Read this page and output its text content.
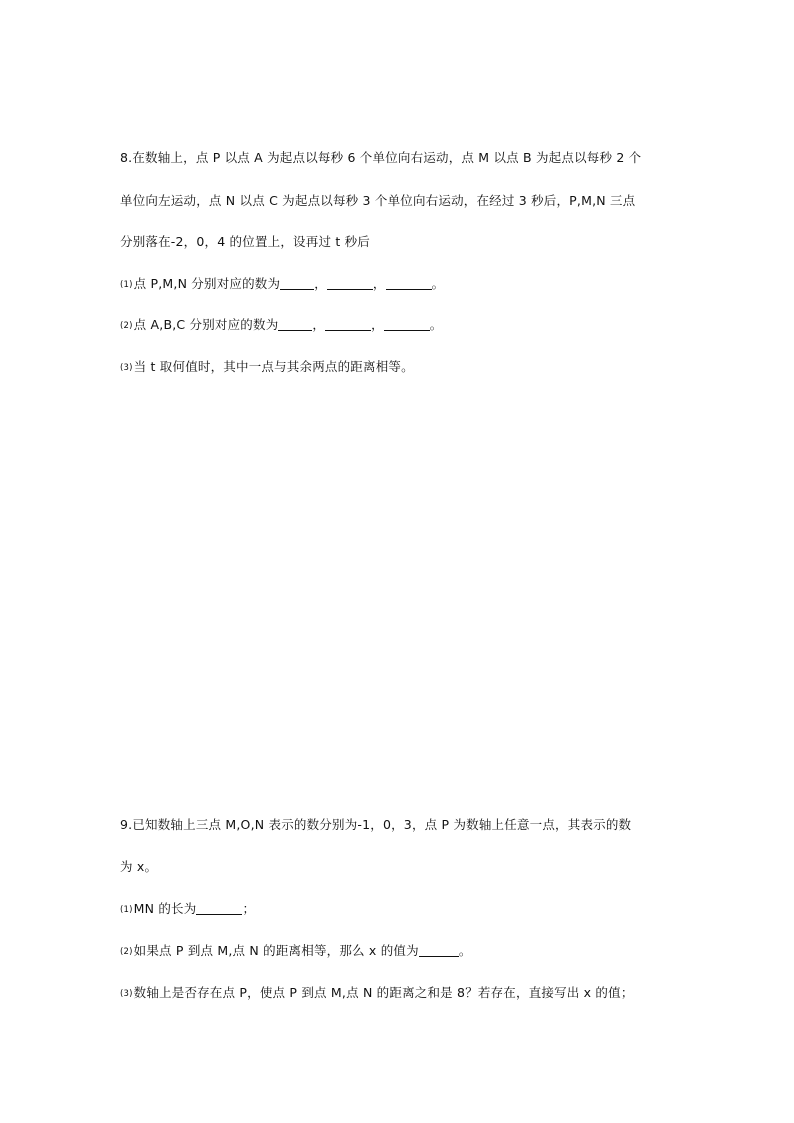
8.在数轴上，点 P 以点 A 为起点以每秒 6 个单位向右运动，点 M 以点 B 为起点以每秒 2 个
单位向左运动，点 N 以点 C 为起点以每秒 3 个单位向右运动，在经过 3 秒后，P,M,N 三点
分别落在-2，0，4 的位置上，设再过 t 秒后
(1)点 P,M,N 分别对应的数为	，	，	。
(2)点 A,B,C 分别对应的数为	，	，	。
(3)当 t 取何值时，其中一点与其余两点的距离相等。
9.已知数轴上三点 M,O,N 表示的数分别为-1，0，3，点 P 为数轴上任意一点，其表示的数
为 x。
(1)MN 的长为	；
(2)如果点 P 到点 M,点 N 的距离相等，那么 x 的值为	。
(3)数轴上是否存在点 P，使点 P 到点 M,点 N 的距离之和是 8？若存在，直接写出 x 的值；
